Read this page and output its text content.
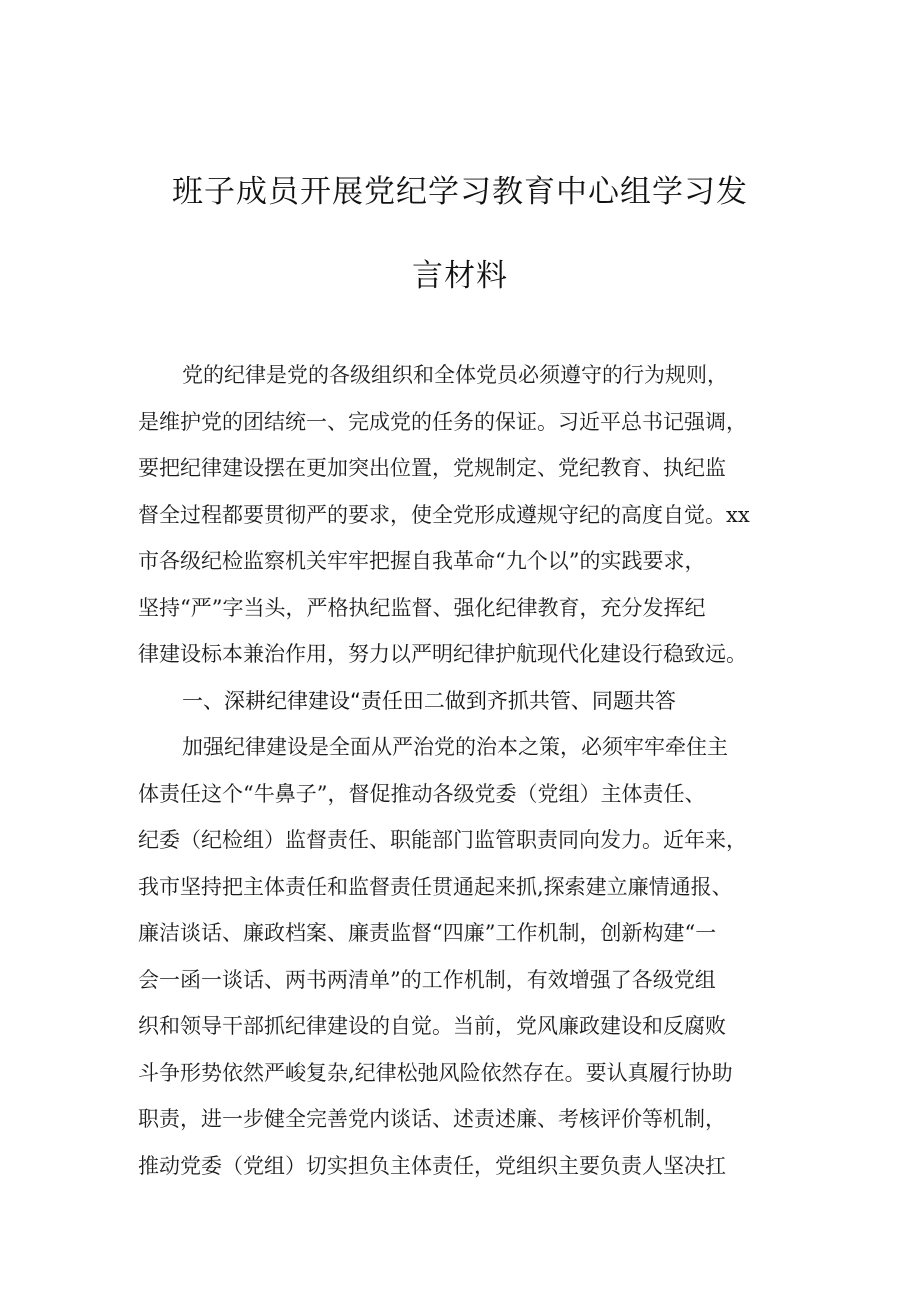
班子成员开展党纪学习教育中心组学习发
言材料
党的纪律是党的各级组织和全体党员必须遵守的行为规则，
是维护党的团结统一、完成党的任务的保证。习近平总书记强调，
要把纪律建设摆在更加突出位置，党规制定、党纪教育、执纪监
督全过程都要贯彻严的要求，使全党形成遵规守纪的高度自觉。xx
市各级纪检监察机关牢牢把握自我革命“九个以”的实践要求，
坚持“严”字当头，严格执纪监督、强化纪律教育，充分发挥纪
律建设标本兼治作用，努力以严明纪律护航现代化建设行稳致远。
一、深耕纪律建设“责任田二做到齐抓共管、同题共答
加强纪律建设是全面从严治党的治本之策，必须牢牢牵住主
体责任这个“牛鼻子”，督促推动各级党委（党组）主体责任、
纪委（纪检组）监督责任、职能部门监管职责同向发力。近年来，
我市坚持把主体责任和监督责任贯通起来抓,探索建立廉情通报、
廉洁谈话、廉政档案、廉责监督“四廉”工作机制，创新构建“一
会一函一谈话、两书两清单”的工作机制，有效增强了各级党组
织和领导干部抓纪律建设的自觉。当前，党风廉政建设和反腐败
斗争形势依然严峻复杂,纪律松弛风险依然存在。要认真履行协助
职责，进一步健全完善党内谈话、述责述廉、考核评价等机制，
推动党委（党组）切实担负主体责任，党组织主要负责人坚决扛
